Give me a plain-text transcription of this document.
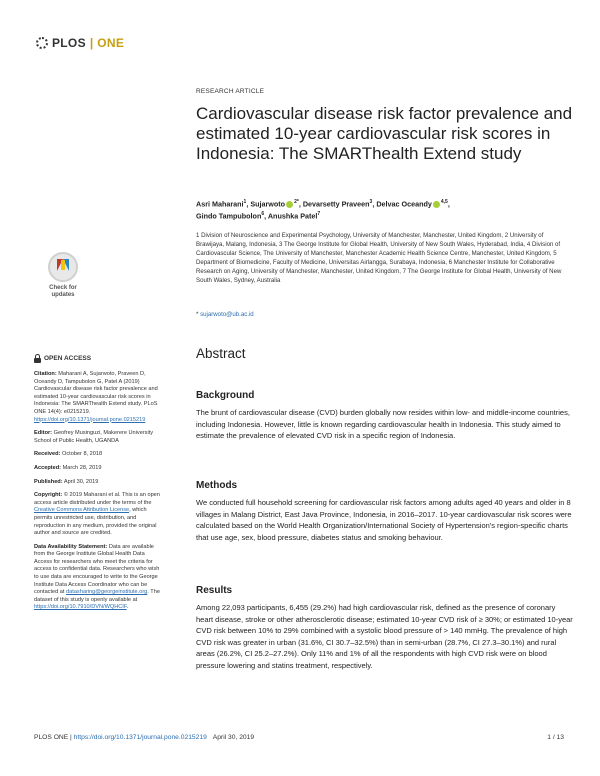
PLOS | ONE
Check for
updates
OPEN ACCESS

Citation: Maharani A, Sujarwoto, Praveen D, Oceandy D, Tampubolon G, Patel A (2019) Cardiovascular disease risk factor prevalence and estimated 10-year cardiovascular risk scores in Indonesia: The SMARThealth Extend study. PLoS ONE 14(4): e0215219. https://doi.org/10.1371/journal.pone.0215219

Editor: Geofrey Musinguzi, Makerere University School of Public Health, UGANDA

Received: October 8, 2018

Accepted: March 28, 2019

Published: April 30, 2019

Copyright: © 2019 Maharani et al. This is an open access article distributed under the terms of the Creative Commons Attribution License, which permits unrestricted use, distribution, and reproduction in any medium, provided the original author and source are credited.

Data Availability Statement: Data are available from the George Institute Global Health Data Access for researchers who meet the criteria for access to confidential data. Researchers who wish to use data are encouraged to write to the George Institute Data Access Coordinator who can be contacted at datasharing@georgeinstitute.org. The dataset of this study is openly available at https://doi.org/10.7910/DVN/WQHCIF.

RESEARCH ARTICLE
Cardiovascular disease risk factor prevalence and estimated 10-year cardiovascular risk scores in Indonesia: The SMARThealth Extend study
Asri Maharani$^1$, Sujarwoto $^{2*}$, Devarsetty Praveen$^3$, Delvac Oceandy $^{4,5}$,
Gindo Tampubolon$^6$, Anushka Patel$^7$
1 Division of Neuroscience and Experimental Psychology, University of Manchester, Manchester, United Kingdom, 2 University of Brawijaya, Malang, Indonesia, 3 The George Institute for Global Health, University of New South Wales, Hyderabad, India, 4 Division of Cardiovascular Science, The University of Manchester, Manchester Academic Health Science Centre, Manchester, United Kingdom, 5 Department of Biomedicine, Faculty of Medicine, Universitas Airlangga, Surabaya, Indonesia, 6 Manchester Institute for Collaborative Research on Aging, University of Manchester, Manchester, United Kingdom, 7 The George Institute for Global Health, University of New South Wales, Sydney, Australia
* sujarwoto@ub.ac.id
Abstract
Background

The brunt of cardiovascular disease (CVD) burden globally now resides within low- and middle-income countries, including Indonesia. However, little is known regarding cardiovascular health in Indonesia. This study aimed to estimate the prevalence of elevated CVD risk in a specific region of Indonesia.

Methods

We conducted full household screening for cardiovascular risk factors among adults aged 40 years and older in 8 villages in Malang District, East Java Province, Indonesia, in 2016–2017. 10-year cardiovascular risk scores were calculated based on the World Health Organization/International Society of Hypertension's region-specific charts that use age, sex, blood pressure, diabetes status and smoking behaviour.

Results

Among 22,093 participants, 6,455 (29.2%) had high cardiovascular risk, defined as the presence of coronary heart disease, stroke or other atherosclerotic disease; estimated 10-year CVD risk of ≥ 30%; or estimated 10-year CVD risk between 10% to 29% combined with a systolic blood pressure of > 140 mmHg. The prevalence of high CVD risk was greater in urban (31.6%, CI 30.7–32.5%) than in semi-urban (28.7%, CI 27.3–30.1%) and rural areas (26.2%, CI 25.2–27.2%). Only 11% and 1% of all the respondents with high CVD risk were on blood pressure lowering and statins treatment, respectively.

PLOS ONE | https://doi.org/10.1371/journal.pone.0215219 April 30, 2019	1 / 13
